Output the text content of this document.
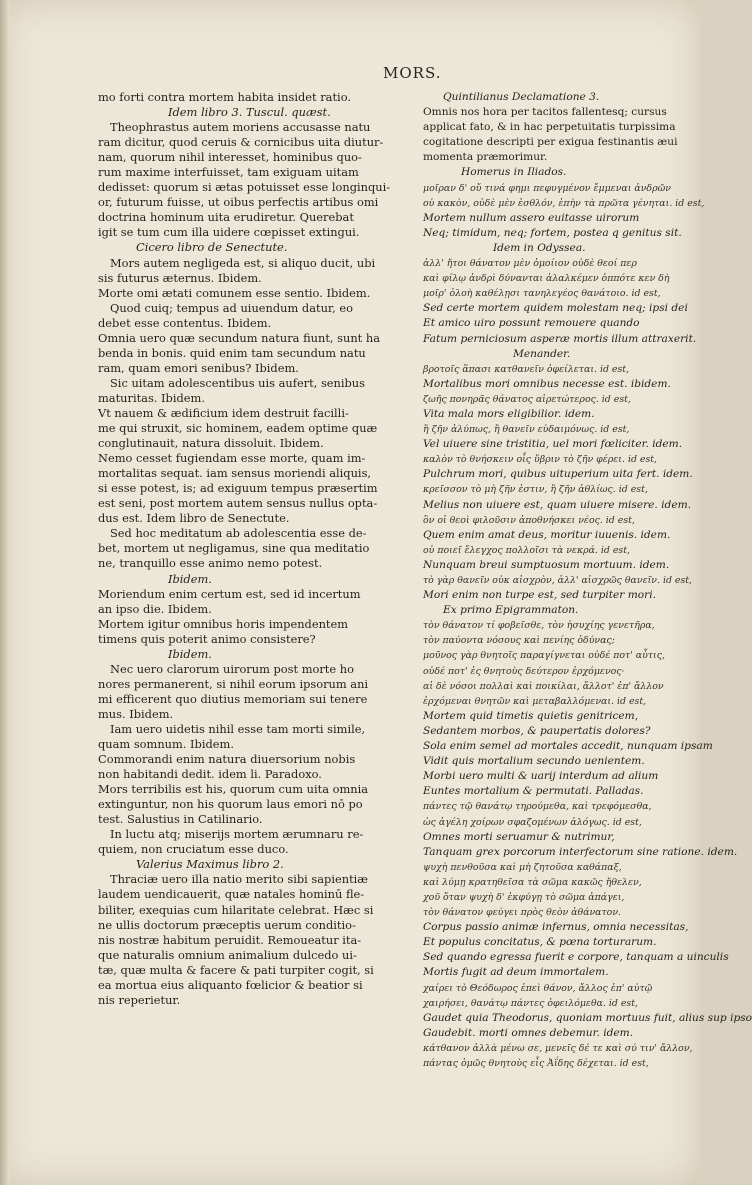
MORS.
mo forti contra mortem habita insidet ratio.
Idem libro 3. Tuscul. quæst.
Theophrastus autem moriens accusasse natu
ram dicitur, quod ceruis & cornicibus uita diutur-
nam, quorum nihil interesset, hominibus quo-
rum maxime interfuisset, tam exiguam uitam
dedisset: quorum si ætas potuisset esse longinqui-
or, futurum fuisse, ut oibus perfectis artibus omi
doctrina hominum uita erudiretur. Querebat
igit se tum cum illa uidere cœpisset extingui.
Cicero libro de Senectute.
Mors autem negligeda est, si aliquo ducit, ubi
sis futurus æternus. Ibidem.
Morte omi ætati comunem esse sentio. Ibidem.
Quod cuiq; tempus ad uiuendum datur, eo
debet esse contentus. Ibidem.
Omnia uero quæ secundum natura fiunt, sunt ha
benda in bonis. quid enim tam secundum natu
ram, quam emori senibus? Ibidem.
Sic uitam adolescentibus uis aufert, senibus
maturitas. Ibidem.
Vt nauem & ædificium idem destruit facilli-
me qui struxit, sic hominem, eadem optime quæ
conglutinauit, natura dissoluit. Ibidem.
Nemo cesset fugiendam esse morte, quam im-
mortalitas sequat. iam sensus moriendi aliquis,
si esse potest, is; ad exiguum tempus præsertim
est seni, post mortem autem sensus nullus opta-
dus est. Idem libro de Senectute.
Sed hoc meditatum ab adolescentia esse de-
bet, mortem ut negligamus, sine qua meditatio
ne, tranquillo esse animo nemo potest.
Ibidem.
Moriendum enim certum est, sed id incertum
an ipso die. Ibidem.
Mortem igitur omnibus horis impendentem
timens quis poterit animo consistere?
Ibidem.
Nec uero clarorum uirorum post morte ho
nores permanerent, si nihil eorum ipsorum ani
mi efficerent quo diutius memoriam sui tenere
mus. Ibidem.
Iam uero uidetis nihil esse tam morti simile,
quam somnum. Ibidem.
Commorandi enim natura diuersorium nobis
non habitandi dedit. idem li. Paradoxo.
Mors terribilis est his, quorum cum uita omnia
extinguntur, non his quorum laus emori nō po
test. Salustius in Catilinario.
In luctu atq; miserijs mortem ærumnaru re-
quiem, non cruciatum esse duco.
Valerius Maximus libro 2.
Thraciæ uero illa natio merito sibi sapientiæ
laudem uendicauerit, quæ natales hominū fle-
biliter, exequias cum hilaritate celebrat. Hæc si
ne ullis doctorum præceptis uerum conditio-
nis nostræ habitum peruidit. Remoueatur ita-
que naturalis omnium animalium dulcedo ui-
tæ, quæ multa & facere & pati turpiter cogit, si
ea mortua eius aliquanto fœlicior & beatior si
nis reperietur.
Quintilianus Declamatione 3.
Omnis nos hora per tacitos fallentesq; cursus
applicat fato, & in hac perpetuitatis turpissima
cogitatione descripti per exigua festinantis æui
momenta præmorimur.
Homerus in Iliados.
μοῖραν δ' οὔ τινά φημι πεφυγμένον ἔμμεναι ἀνδρῶν
οὐ κακὸν, οὐδὲ μὲν ἐσθλόν, ἐπὴν τὰ πρῶτα γένηται. id est,
Mortem nullum assero euitasse uirorum
Neq; timidum, neq; fortem, postea q genitus sit.
Idem in Odyssea.
ἀλλ' ἤτοι θάνατον μὲν ὁμοίιον οὐδὲ θεοί περ
καὶ φίλῳ ἀνδρὶ δύνανται ἀλαλκέμεν ὁππότε κεν δὴ
μοῖρ' ὀλοὴ καθέλῃσι τανηλεγέος θανάτοιο. id est,
Sed certe mortem quidem molestam neq; ipsi dei
Et amico uiro possunt remouere quando
Fatum perniciosum asperæ mortis illum attraxerit.
Menander.
βροτοῖς ἅπασι κατθανεῖν ὀφείλεται. id est,
Mortalibus mori omnibus necesse est. ibidem.
ζωῆς πονηρᾶς θάνατος αἱρετώτερος. id est,
Vita mala mors eligibilior. idem.
ἢ ζῆν ἀλύπως, ἢ θανεῖν εὐδαιμόνως. id est,
Vel uiuere sine tristitia, uel mori fœliciter. idem.
καλὸν τὸ θνήσκειν οἷς ὕβριν τὸ ζῆν φέρει. id est,
Pulchrum mori, quibus uituperium uita fert. idem.
κρεῖσσον τὸ μὴ ζῆν ἐστιν, ἢ ζῆν ἀθλίως. id est,
Melius non uiuere est, quam uiuere misere. idem.
ὃν οἱ θεοὶ φιλοῦσιν ἀποθνήσκει νέος. id est,
Quem enim amat deus, moritur iuuenis. idem.
οὐ ποιεῖ ἔλεγχος πολλοῖσι τὰ νεκρά. id est,
Nunquam breui sumptuosum mortuum. idem.
τὸ γὰρ θανεῖν οὐκ αἰσχρὸν, ἀλλ' αἰσχρῶς θανεῖν. id est,
Mori enim non turpe est, sed turpiter mori.
Ex primo Epigrammaton.
τὸν θάνατον τί φοβεῖσθε, τὸν ἡσυχίης γενετῆρα,
τὸν παύοντα νόσους καὶ πενίης ὀδύνας;
μοῦνος γὰρ θνητοῖς παραγίγνεται οὐδέ ποτ' αὖτις,
οὐδέ ποτ' ἐς θνητοὺς δεύτερον ἐρχόμενος·
αἱ δὲ νόσοι πολλαὶ καὶ ποικίλαι, ἄλλοτ' ἐπ' ἄλλον
ἐρχόμεναι θνητῶν καὶ μεταβαλλόμεναι. id est,
Mortem quid timetis quietis genitricem,
Sedantem morbos, & paupertatis dolores?
Sola enim semel ad mortales accedit, nunquam ipsam
Vidit quis mortalium secundo uenientem.
Morbi uero multi & uarij interdum ad alium
Euntes mortalium & permutati. Palladas.
πάντες τῷ θανάτῳ τηρούμεθα, καὶ τρεφόμεσθα,
ὡς ἀγέλη χοίρων σφαζομένων ἀλόγως. id est,
Omnes morti seruamur & nutrimur,
Tanquam grex porcorum interfectorum sine ratione. idem.
ψυχὴ πενθοῦσα καὶ μὴ ζητοῦσα καθάπαξ,
καὶ λύμῃ κρατηθεῖσα τὰ σῶμα κακῶς ἤθελεν,
χοῦ ὅταν ψυχὴ δ' ἐκφύγῃ τὸ σῶμα ἀπάγει,
τὸν θάνατον φεύγει πρὸς θεὸν ἀθάνατον.
Corpus passio animæ infernus, omnia necessitas,
Et populus concitatus, & pœna torturarum.
Sed quando egressa fuerit e corpore, tanquam a uinculis
Mortis fugit ad deum immortalem.
χαίρει τὸ Θεόδωρος ἐπεὶ θάνον, ἄλλος ἐπ' αὐτῷ
χαιρήσει, θανάτῳ πάντες ὀφειλόμεθα. id est,
Gaudet quia Theodorus, quoniam mortuus fuit, alius sup ipso
Gaudebit. morti omnes debemur. idem.
κάτθανον ἀλλὰ μένω σε, μενεῖς δέ τε καὶ σύ τιν' ἄλλον,
πάντας ὁμῶς θνητοὺς εἷς Ἀΐδης δέχεται. id est,
